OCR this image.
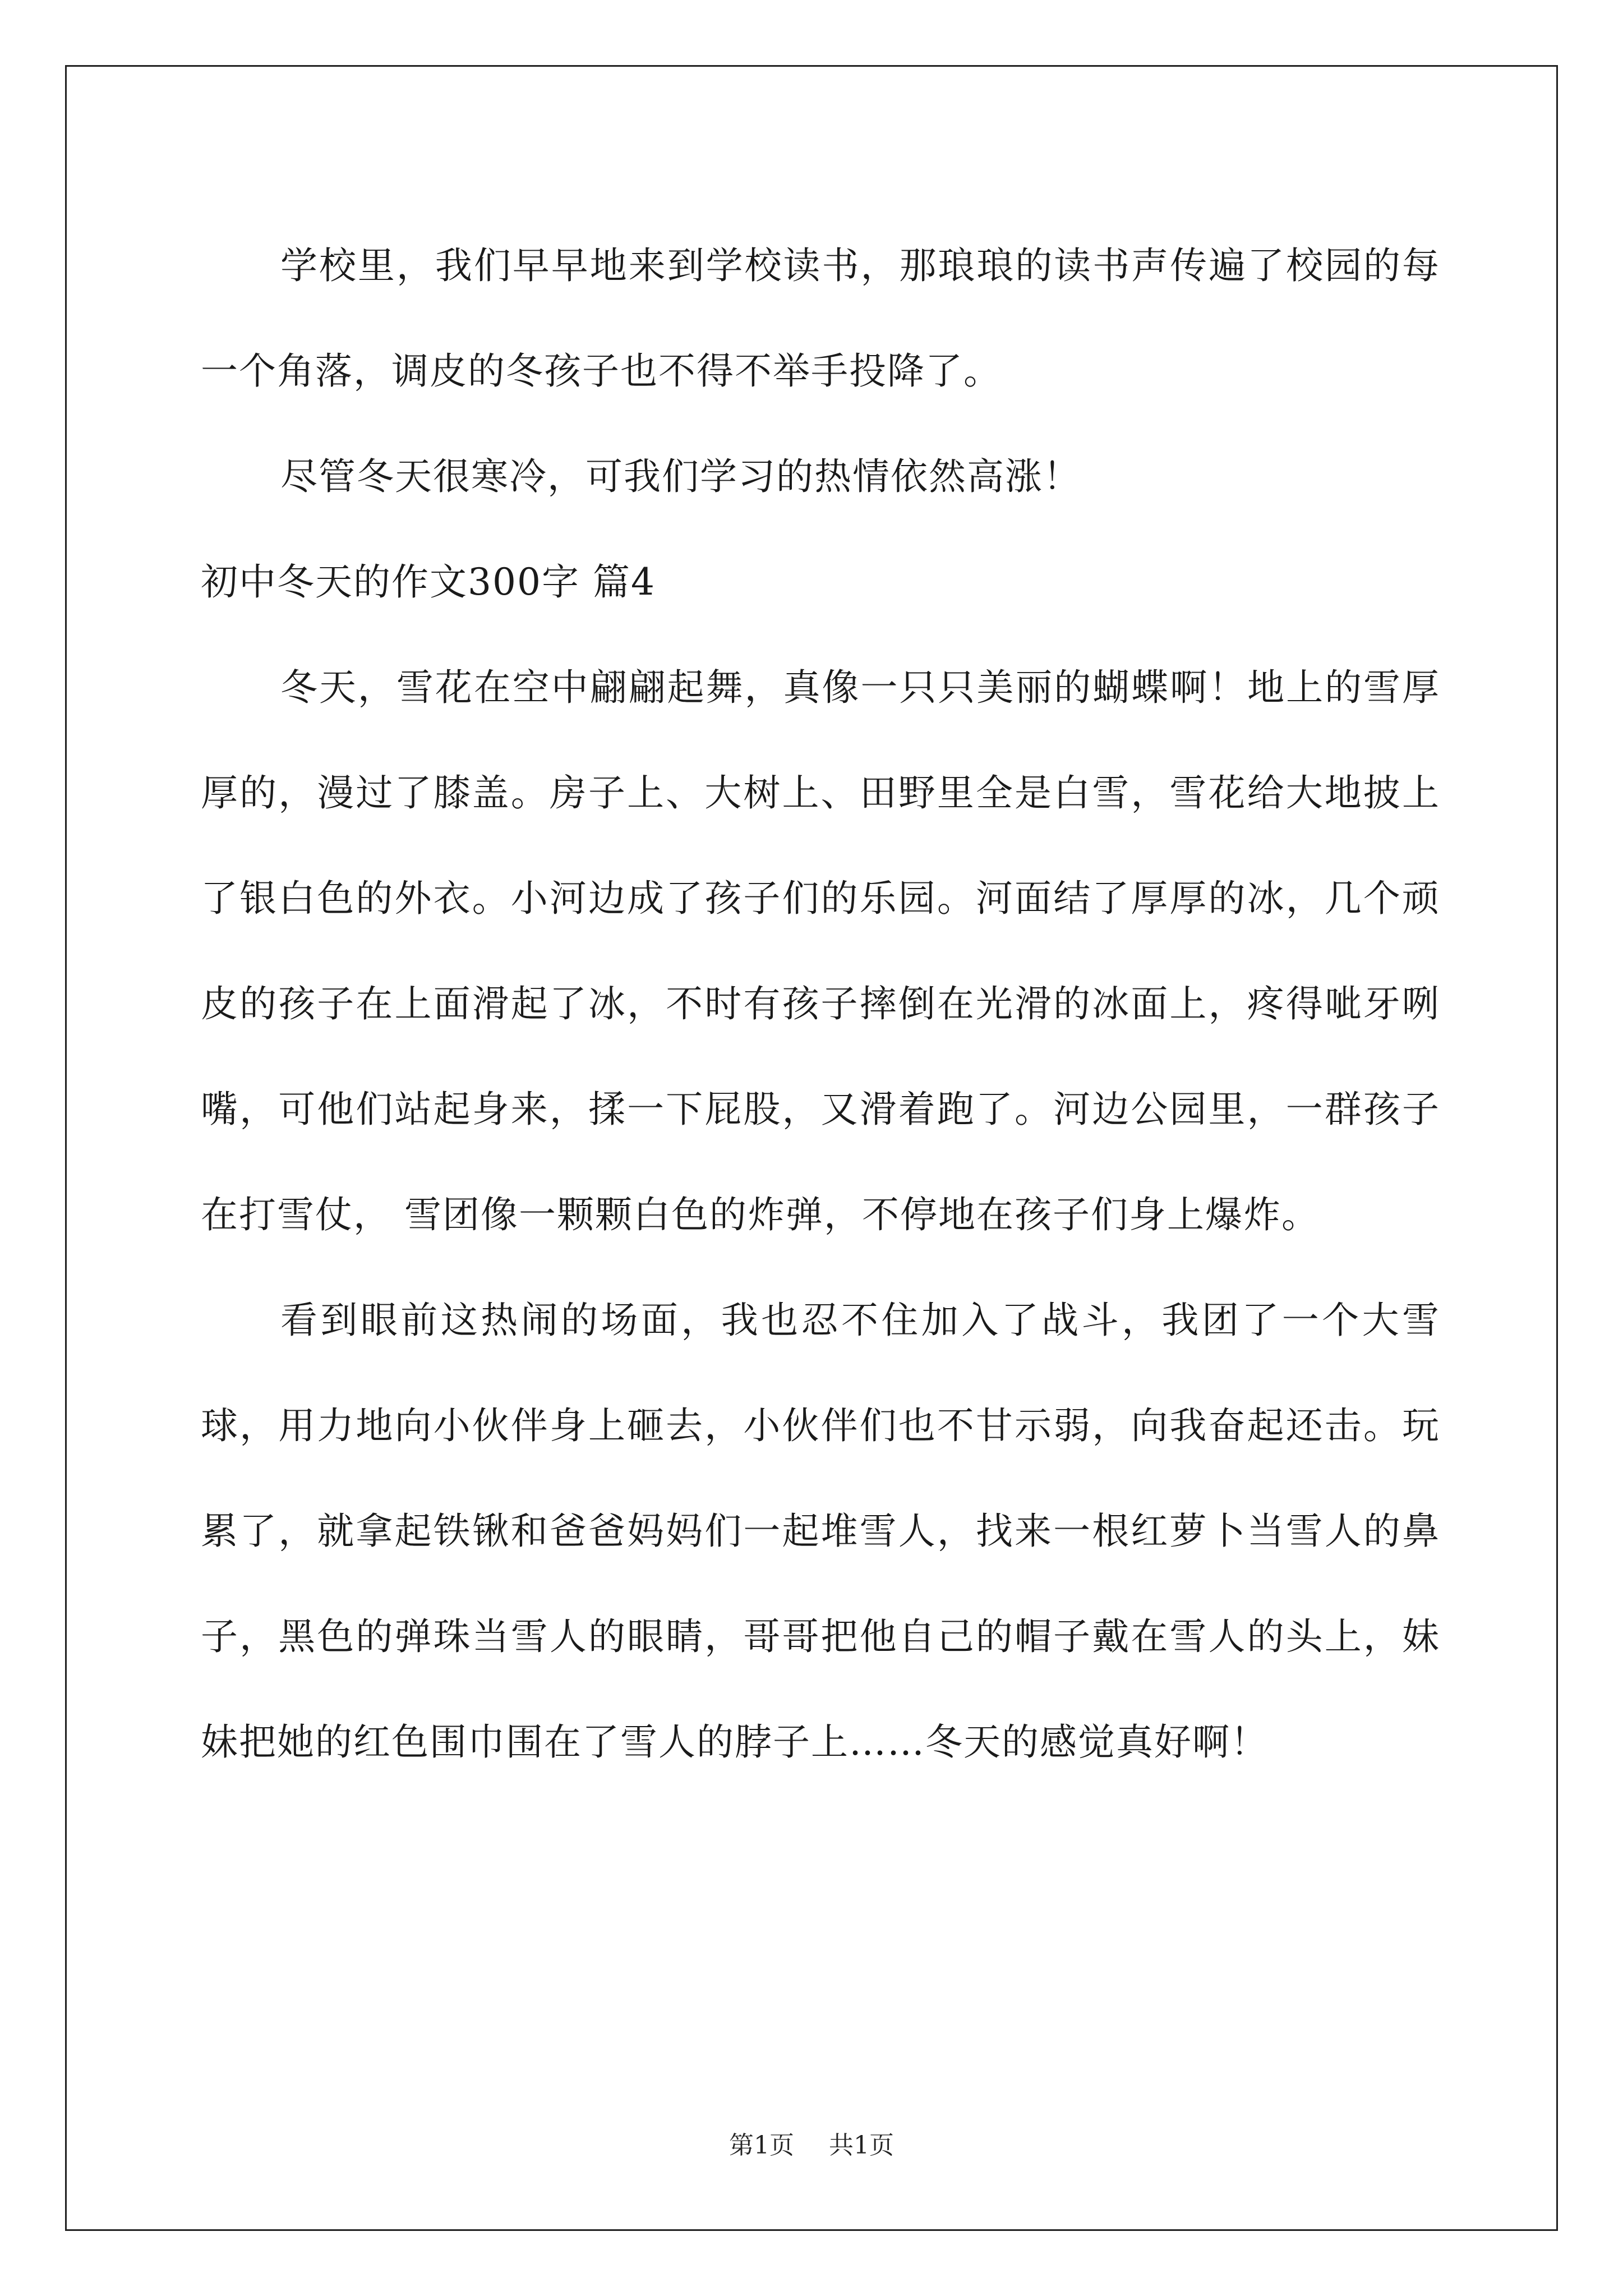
学校里，我们早早地来到学校读书，那琅琅的读书声传遍了校园的每一个角落，调皮的冬孩子也不得不举手投降了。

尽管冬天很寒冷，可我们学习的热情依然高涨！

初中冬天的作文300字 篇4

冬天，雪花在空中翩翩起舞，真像一只只美丽的蝴蝶啊！地上的雪厚厚的，漫过了膝盖。房子上、大树上、田野里全是白雪，雪花给大地披上了银白色的外衣。小河边成了孩子们的乐园。河面结了厚厚的冰，几个顽皮的孩子在上面滑起了冰，不时有孩子摔倒在光滑的冰面上，疼得呲牙咧嘴，可他们站起身来，揉一下屁股，又滑着跑了。河边公园里，一群孩子在打雪仗， 雪团像一颗颗白色的炸弹，不停地在孩子们身上爆炸。

看到眼前这热闹的场面，我也忍不住加入了战斗，我团了一个大雪球，用力地向小伙伴身上砸去，小伙伴们也不甘示弱，向我奋起还击。玩累了，就拿起铁锹和爸爸妈妈们一起堆雪人，找来一根红萝卜当雪人的鼻子，黑色的弹珠当雪人的眼睛，哥哥把他自己的帽子戴在雪人的头上，妹妹把她的红色围巾围在了雪人的脖子上……冬天的感觉真好啊！

第1页 共1页
